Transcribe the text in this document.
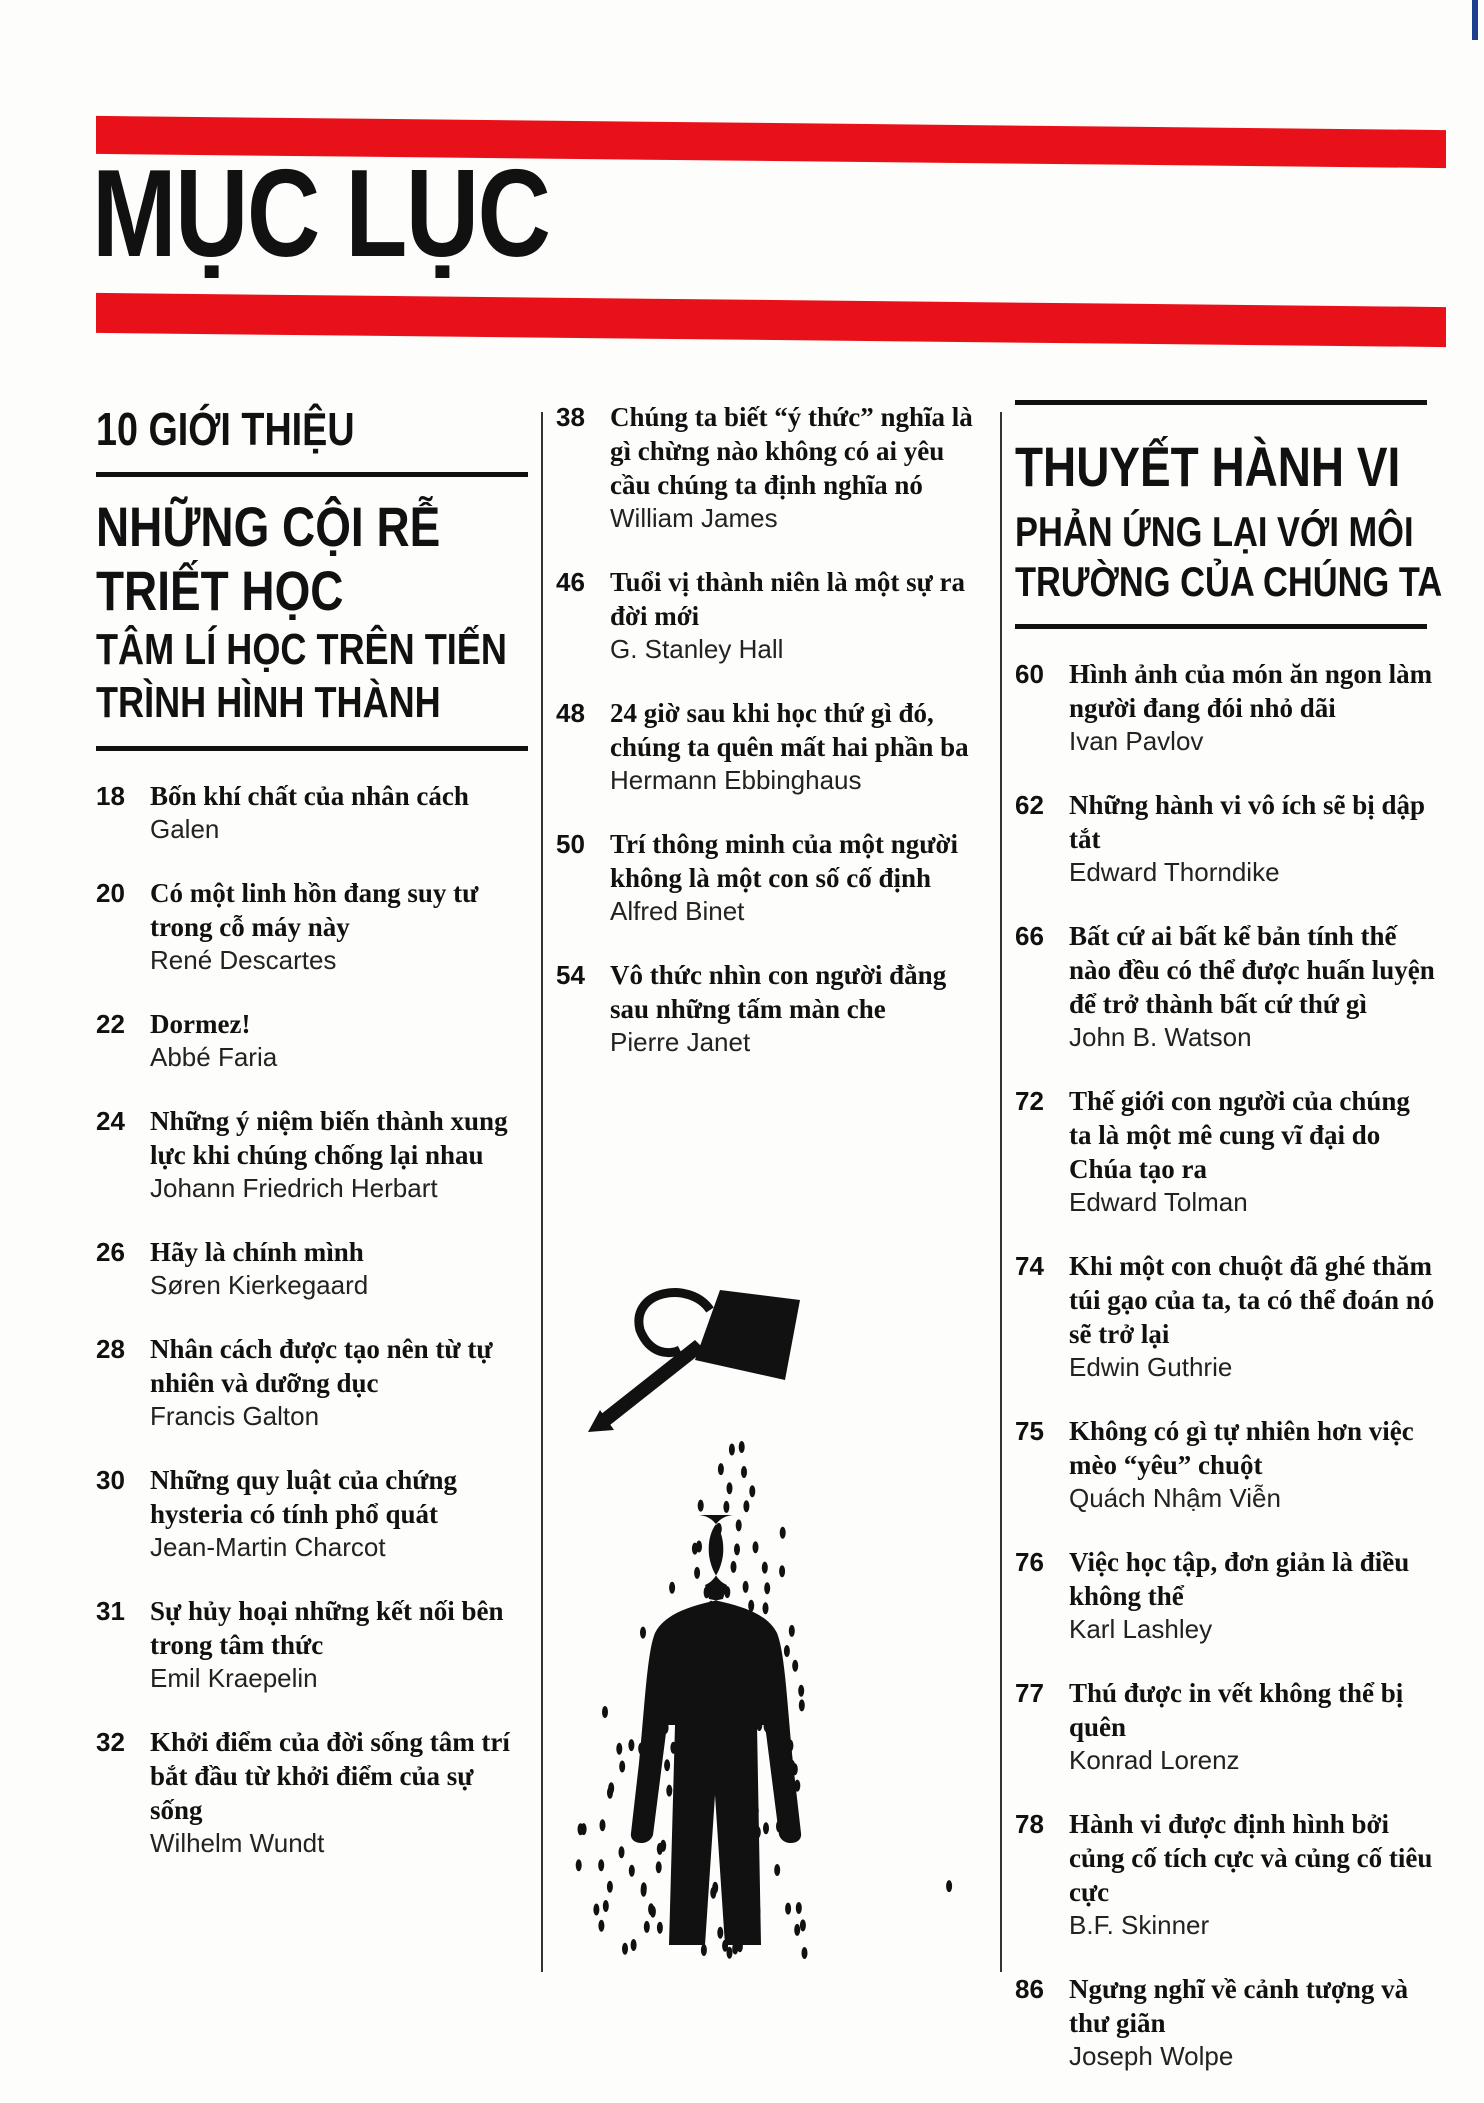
MỤC LỤC
10 GIỚI THIỆU
NHỮNG CỘI RỄ
TRIẾT HỌC
TÂM LÍ HỌC TRÊN TIẾN
TRÌNH HÌNH THÀNH
18 Bốn khí chất của nhân cách
Galen
20 Có một linh hồn đang suy tư trong cỗ máy này
René Descartes
22 Dormez!
Abbé Faria
24 Những ý niệm biến thành xung lực khi chúng chống lại nhau
Johann Friedrich Herbart
26 Hãy là chính mình
Søren Kierkegaard
28 Nhân cách được tạo nên từ tự nhiên và dưỡng dục
Francis Galton
30 Những quy luật của chứng hysteria có tính phổ quát
Jean-Martin Charcot
31 Sự hủy hoại những kết nối bên trong tâm thức
Emil Kraepelin
32 Khởi điểm của đời sống tâm trí bắt đầu từ khởi điểm của sự sống
Wilhelm Wundt
38 Chúng ta biết “ý thức” nghĩa là gì chừng nào không có ai yêu cầu chúng ta định nghĩa nó
William James
46 Tuổi vị thành niên là một sự ra đời mới
G. Stanley Hall
48 24 giờ sau khi học thứ gì đó, chúng ta quên mất hai phần ba
Hermann Ebbinghaus
50 Trí thông minh của một người không là một con số cố định
Alfred Binet
54 Vô thức nhìn con người đằng sau những tấm màn che
Pierre Janet
THUYẾT HÀNH VI
PHẢN ỨNG LẠI VỚI MÔI
TRƯỜNG CỦA CHÚNG TA
60 Hình ảnh của món ăn ngon làm người đang đói nhỏ dãi
Ivan Pavlov
62 Những hành vi vô ích sẽ bị dập tắt
Edward Thorndike
66 Bất cứ ai bất kể bản tính thế nào đều có thể được huấn luyện để trở thành bất cứ thứ gì
John B. Watson
72 Thế giới con người của chúng ta là một mê cung vĩ đại do Chúa tạo ra
Edward Tolman
74 Khi một con chuột đã ghé thăm túi gạo của ta, ta có thể đoán nó sẽ trở lại
Edwin Guthrie
75 Không có gì tự nhiên hơn việc mèo “yêu” chuột
Quách Nhậm Viễn
76 Việc học tập, đơn giản là điều không thể
Karl Lashley
77 Thú được in vết không thể bị quên
Konrad Lorenz
78 Hành vi được định hình bởi củng cố tích cực và củng cố tiêu cực
B.F. Skinner
86 Ngưng nghĩ về cảnh tượng và thư giãn
Joseph Wolpe
